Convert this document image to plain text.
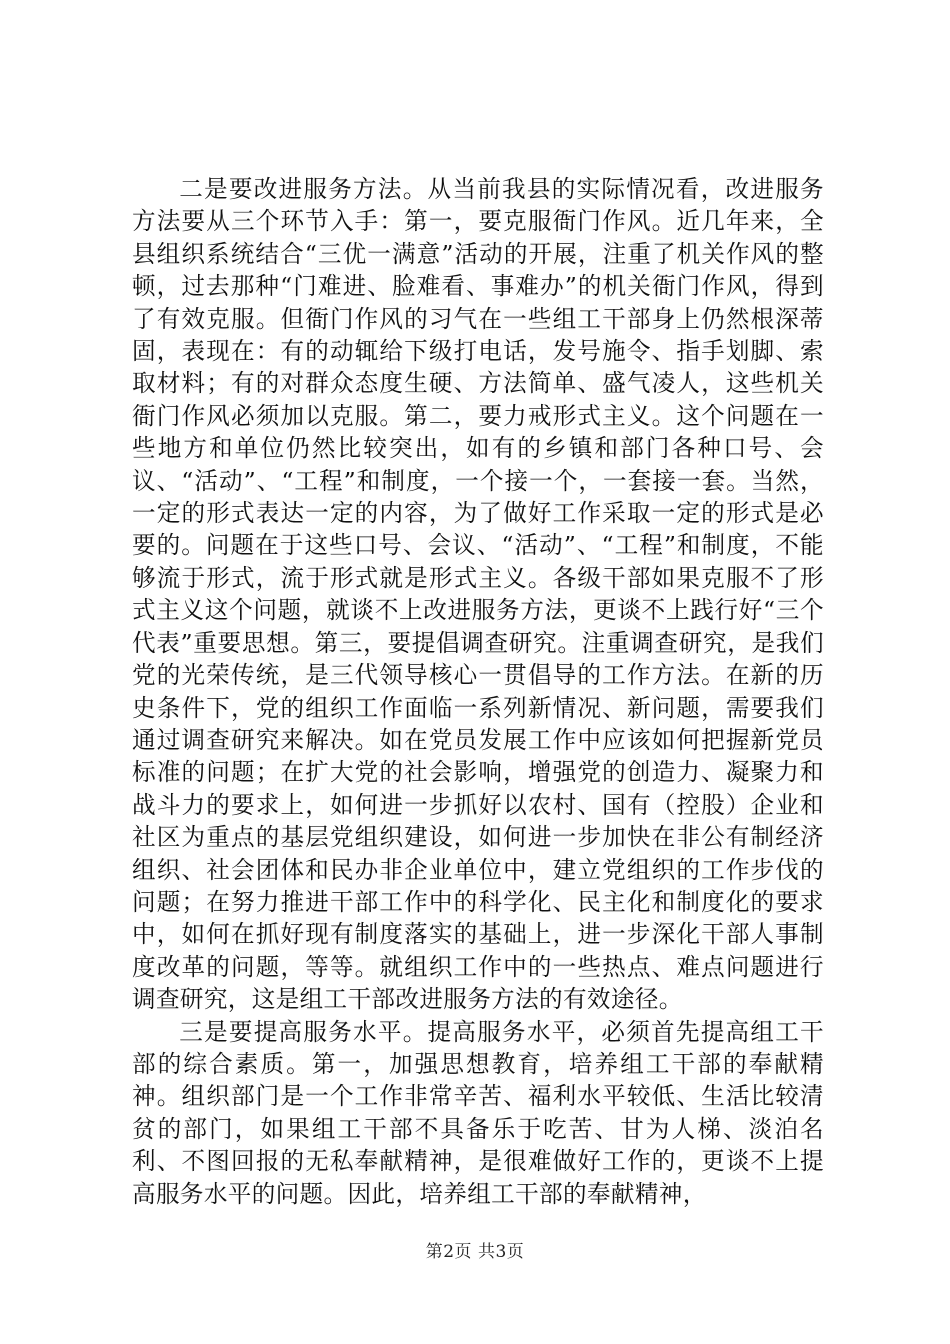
二是要改进服务方法。从当前我县的实际情况看，改进服务方法要从三个环节入手：第一，要克服衙门作风。近几年来，全县组织系统结合“三优一满意”活动的开展，注重了机关作风的整顿，过去那种“门难进、脸难看、事难办”的机关衙门作风，得到了有效克服。但衙门作风的习气在一些组工干部身上仍然根深蒂固，表现在：有的动辄给下级打电话，发号施令、指手划脚、索取材料；有的对群众态度生硬、方法简单、盛气凌人，这些机关衙门作风必须加以克服。第二，要力戒形式主义。这个问题在一些地方和单位仍然比较突出，如有的乡镇和部门各种口号、会议、“活动”、“工程”和制度，一个接一个，一套接一套。当然，一定的形式表达一定的内容，为了做好工作采取一定的形式是必要的。问题在于这些口号、会议、“活动”、“工程”和制度，不能够流于形式，流于形式就是形式主义。各级干部如果克服不了形式主义这个问题，就谈不上改进服务方法，更谈不上践行好“三个代表”重要思想。第三，要提倡调查研究。注重调查研究，是我们党的光荣传统，是三代领导核心一贯倡导的工作方法。在新的历史条件下，党的组织工作面临一系列新情况、新问题，需要我们通过调查研究来解决。如在党员发展工作中应该如何把握新党员标准的问题；在扩大党的社会影响，增强党的创造力、凝聚力和战斗力的要求上，如何进一步抓好以农村、国有（控股）企业和社区为重点的基层党组织建设，如何进一步加快在非公有制经济组织、社会团体和民办非企业单位中，建立党组织的工作步伐的问题；在努力推进干部工作中的科学化、民主化和制度化的要求中，如何在抓好现有制度落实的基础上，进一步深化干部人事制度改革的问题，等等。就组织工作中的一些热点、难点问题进行调查研究，这是组工干部改进服务方法的有效途径。

三是要提高服务水平。提高服务水平，必须首先提高组工干部的综合素质。第一，加强思想教育，培养组工干部的奉献精神。组织部门是一个工作非常辛苦、福利水平较低、生活比较清贫的部门，如果组工干部不具备乐于吃苦、甘为人梯、淡泊名利、不图回报的无私奉献精神，是很难做好工作的，更谈不上提高服务水平的问题。因此，培养组工干部的奉献精神，

第2页 共3页
